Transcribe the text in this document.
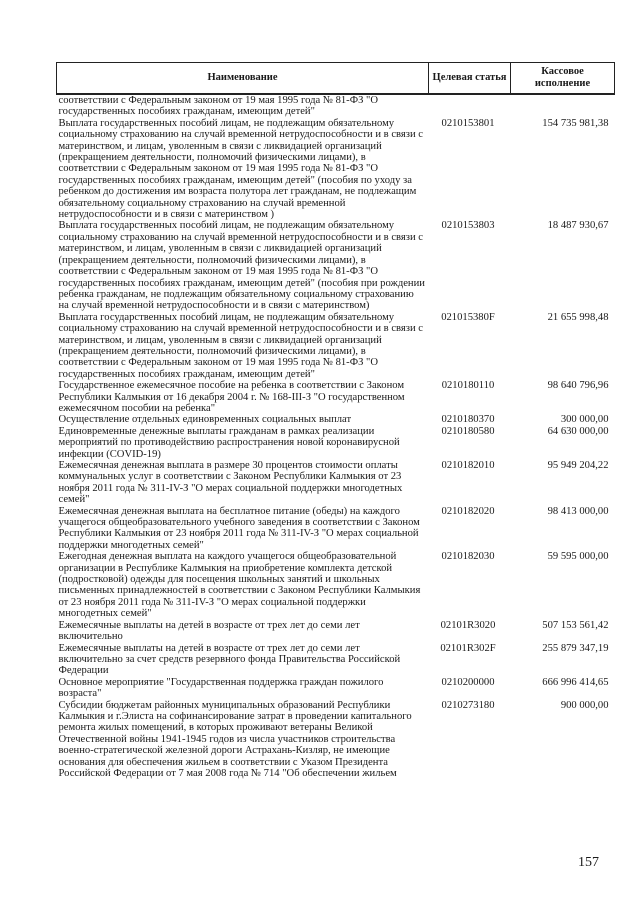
Наименование	Целевая статья	Кассовое исполнение
соответствии с Федеральным законом от 19 мая 1995 года № 81-ФЗ "О государственных пособиях гражданам, имеющим детей"		
Выплата государственных пособий лицам, не подлежащим обязательному социальному страхованию на случай временной нетрудоспособности и в связи с материнством, и лицам, уволенным в связи с ликвидацией организаций (прекращением деятельности, полномочий физическими лицами), в соответствии с Федеральным законом от 19 мая 1995 года № 81-ФЗ "О государственных пособиях гражданам, имеющим детей" (пособия по уходу за ребенком до достижения им возраста полутора лет гражданам, не подлежащим обязательному социальному страхованию на случай временной нетрудоспособности и в связи с материнством )	0210153801	154 735 981,38
Выплата государственных пособий лицам, не подлежащим обязательному социальному страхованию на случай временной нетрудоспособности и в связи с материнством, и лицам, уволенным в связи с ликвидацией организаций (прекращением деятельности, полномочий физическими лицами), в соответствии с Федеральным законом от 19 мая 1995 года № 81-ФЗ "О государственных пособиях гражданам, имеющим детей" (пособия при рождении ребенка гражданам, не подлежащим обязательному социальному страхованию на случай временной нетрудоспособности и в связи с материнством)	0210153803	18 487 930,67
Выплата государственных пособий лицам, не подлежащим обязательному социальному страхованию на случай временной нетрудоспособности и в связи с материнством, и лицам, уволенным в связи с ликвидацией организаций (прекращением деятельности, полномочий физическими лицами), в соответствии с Федеральным законом от 19 мая 1995 года № 81-ФЗ "О государственных пособиях гражданам, имеющим детей"	021015380F	21 655 998,48
Государственное ежемесячное пособие на ребенка в соответствии с Законом Республики Калмыкия от 16 декабря 2004 г. № 168-III-З "О государственном ежемесячном пособии на ребенка"	0210180110	98 640 796,96
Осуществление отдельных единовременных социальных выплат	0210180370	300 000,00
Единовременные денежные выплаты гражданам в рамках реализации мероприятий по противодействию распространения новой коронавирусной инфекции (COVID-19)	0210180580	64 630 000,00
Ежемесячная денежная выплата в размере 30 процентов стоимости оплаты коммунальных услуг в соответствии с Законом Республики Калмыкия от 23 ноября 2011 года № 311-IV-З "О мерах социальной поддержки многодетных семей"	0210182010	95 949 204,22
Ежемесячная денежная выплата на бесплатное питание (обеды) на каждого учащегося общеобразовательного учебного заведения в соответствии с Законом Республики Калмыкия от 23 ноября 2011 года № 311-IV-З "О мерах социальной поддержки многодетных семей"	0210182020	98 413 000,00
Ежегодная денежная выплата на каждого учащегося общеобразовательной организации в Республике Калмыкия на приобретение комплекта детской (подростковой) одежды для посещения школьных занятий и школьных письменных принадлежностей в соответствии с Законом Республики Калмыкия от 23 ноября 2011 года № 311-IV-З "О мерах социальной поддержки многодетных семей"	0210182030	59 595 000,00
Ежемесячные выплаты на детей в возрасте от трех лет до семи лет включительно	02101R3020	507 153 561,42
Ежемесячные выплаты на детей в возрасте от трех лет до семи лет включительно за счет средств резервного фонда Правительства Российской Федерации	02101R302F	255 879 347,19
Основное мероприятие "Государственная поддержка граждан пожилого возраста"	0210200000	666 996 414,65
Субсидии бюджетам районных муниципальных образований Республики Калмыкия и г.Элиста на софинансирование затрат в проведении капитального ремонта жилых помещений, в которых проживают ветераны Великой Отечественной войны 1941-1945 годов из числа участников строительства военно-стратегической железной дороги Астрахань-Кизляр, не имеющие основания для обеспечения жильем в соответствии с Указом Президента Российской Федерации от 7 мая 2008 года № 714 "Об обеспечении жильем	0210273180	900 000,00
157
